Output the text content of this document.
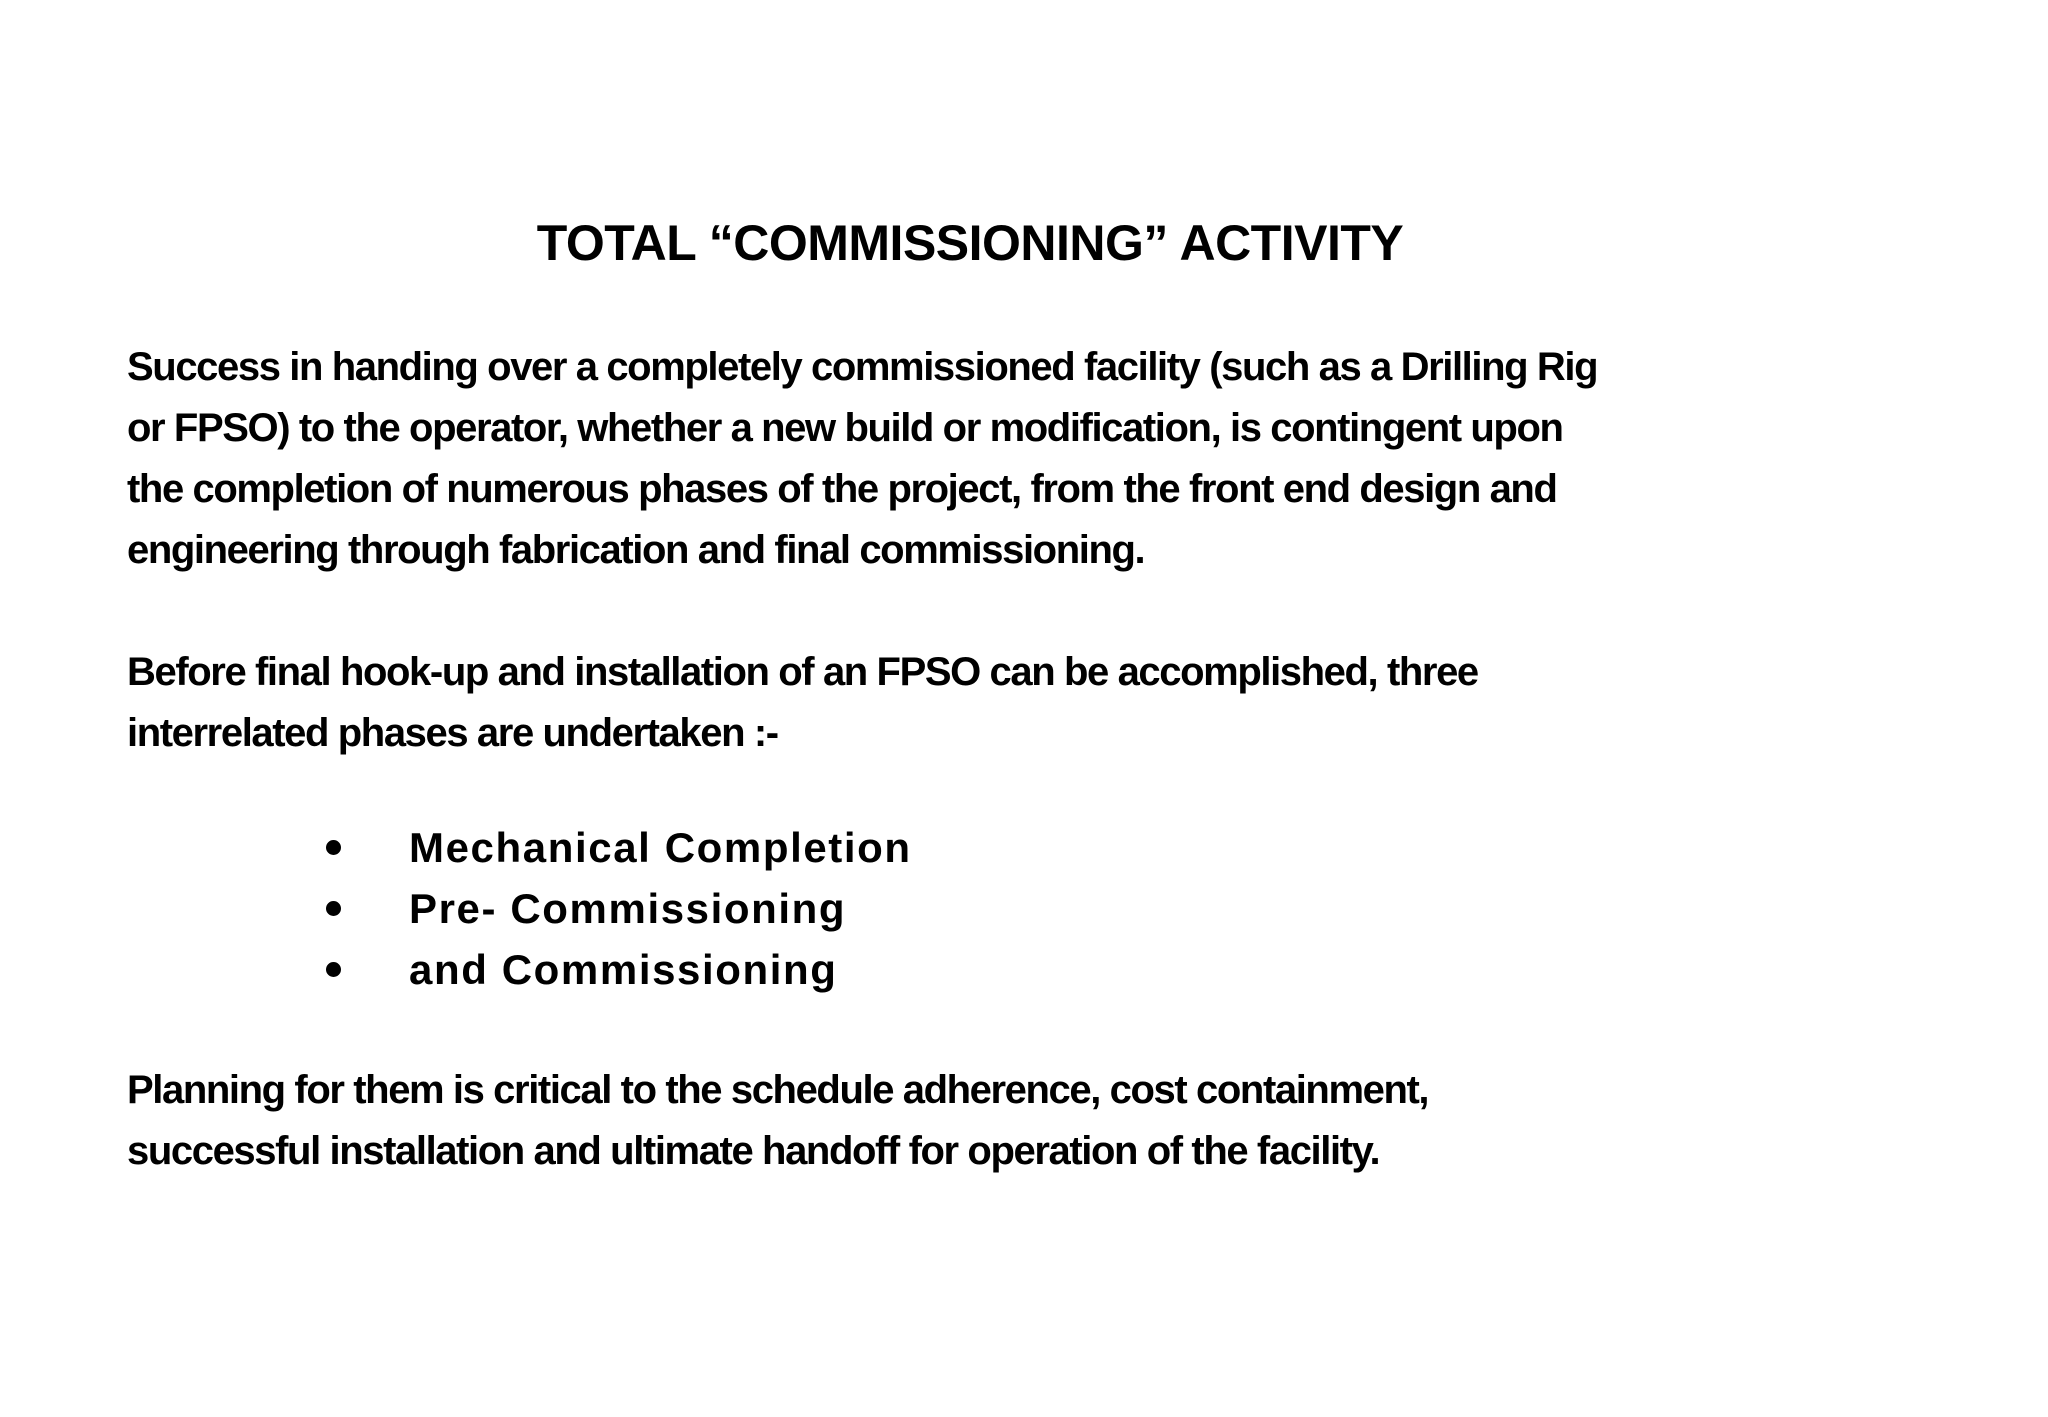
TOTAL “COMMISSIONING” ACTIVITY

Success in handing over a completely commissioned facility (such as a Drilling Rig
or FPSO) to the operator, whether a new build or modification, is contingent upon
the completion of numerous phases of the project, from the front end design and
engineering through fabrication and final commissioning.

Before final hook-up and installation of an FPSO can be accomplished, three
interrelated phases are undertaken :-

Mechanical Completion
Pre- Commissioning
and Commissioning

Planning for them is critical to the schedule adherence, cost containment,
successful installation and ultimate handoff for operation of the facility.
